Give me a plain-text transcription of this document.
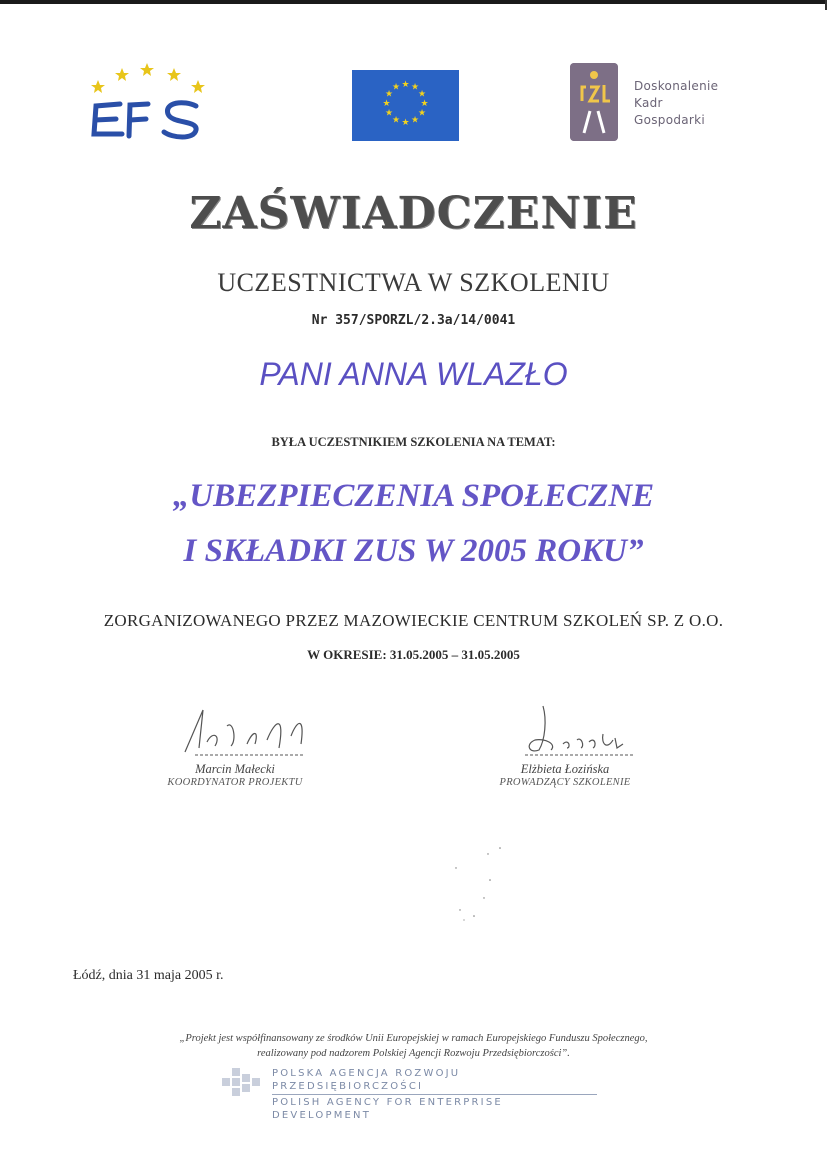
★ ★
★
★
★
★
★
★
★
★
★
★	Doskonalenie
Kadr
Gospodarki
ZAŚWIADCZENIE
UCZESTNICTWA W SZKOLENIU
Nr 357/SPORZL/2.3a/14/0041
PANI ANNA WLAZŁO
BYŁA UCZESTNIKIEM SZKOLENIA NA TEMAT:
„UBEZPIECZENIA SPOŁECZNE
I SKŁADKI ZUS W 2005 ROKU”
ZORGANIZOWANEGO PRZEZ MAZOWIECKIE CENTRUM SZKOLEŃ SP. Z O.O.
W OKRESIE: 31.05.2005 – 31.05.2005
Marcin Małecki
KOORDYNATOR PROJEKTU
Elżbieta Łozińska
PROWADZĄCY SZKOLENIE
Łódź, dnia 31 maja 2005 r.
„Projekt jest współfinansowany ze środków Unii Europejskiej w ramach Europejskiego Funduszu Społecznego,
realizowany pod nadzorem Polskiej Agencji Rozwoju Przedsiębiorczości”.
POLSKA AGENCJA ROZWOJU PRZEDSIĘBIORCZOŚCI
POLISH AGENCY FOR ENTERPRISE DEVELOPMENT
